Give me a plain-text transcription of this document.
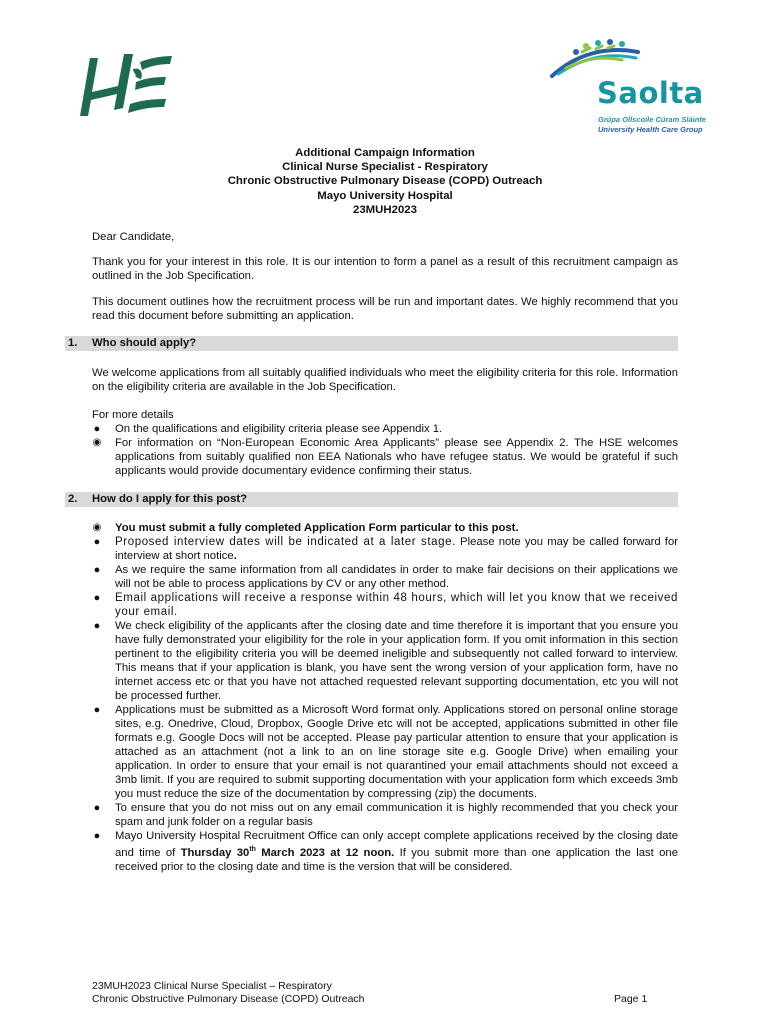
Saolta
Grúpa Ollscoile Cúram Sláinte
University Health Care Group
Additional Campaign Information
Clinical Nurse Specialist - Respiratory
Chronic Obstructive Pulmonary Disease (COPD) Outreach
Mayo University Hospital
23MUH2023
Dear Candidate,
Thank you for your interest in this role. It is our intention to form a panel as a result of this recruitment campaign as outlined in the Job Specification.
This document outlines how the recruitment process will be run and important dates. We highly recommend that you read this document before submitting an application.
1. Who should apply?
We welcome applications from all suitably qualified individuals who meet the eligibility criteria for this role. Information on the eligibility criteria are available in the Job Specification.
For more details
● On the qualifications and eligibility criteria please see Appendix 1.
◉ For information on “Non-European Economic Area Applicants” please see Appendix 2. The HSE welcomes applications from suitably qualified non EEA Nationals who have refugee status. We would be grateful if such applicants would provide documentary evidence confirming their status.
2. How do I apply for this post?
◉ You must submit a fully completed Application Form particular to this post.
● Proposed interview dates will be indicated at a later stage. Please note you may be called forward for interview at short notice.
● As we require the same information from all candidates in order to make fair decisions on their applications we will not be able to process applications by CV or any other method.
● Email applications will receive a response within 48 hours, which will let you know that we received your email.
● We check eligibility of the applicants after the closing date and time therefore it is important that you ensure you have fully demonstrated your eligibility for the role in your application form. If you omit information in this section pertinent to the eligibility criteria you will be deemed ineligible and subsequently not called forward to interview. This means that if your application is blank, you have sent the wrong version of your application form, have no internet access etc or that you have not attached requested relevant supporting documentation, etc you will not be processed further.
● Applications must be submitted as a Microsoft Word format only. Applications stored on personal online storage sites, e.g. Onedrive, Cloud, Dropbox, Google Drive etc will not be accepted, applications submitted in other file formats e.g. Google Docs will not be accepted. Please pay particular attention to ensure that your application is attached as an attachment (not a link to an on line storage site e.g. Google Drive) when emailing your application. In order to ensure that your email is not quarantined your email attachments should not exceed a 3mb limit. If you are required to submit supporting documentation with your application form which exceeds 3mb you must reduce the size of the documentation by compressing (zip) the documents.
● To ensure that you do not miss out on any email communication it is highly recommended that you check your spam and junk folder on a regular basis
● Mayo University Hospital Recruitment Office can only accept complete applications received by the closing date and time of Thursday 30th March 2023 at 12 noon. If you submit more than one application the last one received prior to the closing date and time is the version that will be considered.
23MUH2023 Clinical Nurse Specialist – Respiratory
Chronic Obstructive Pulmonary Disease (COPD) Outreach	Page 1
